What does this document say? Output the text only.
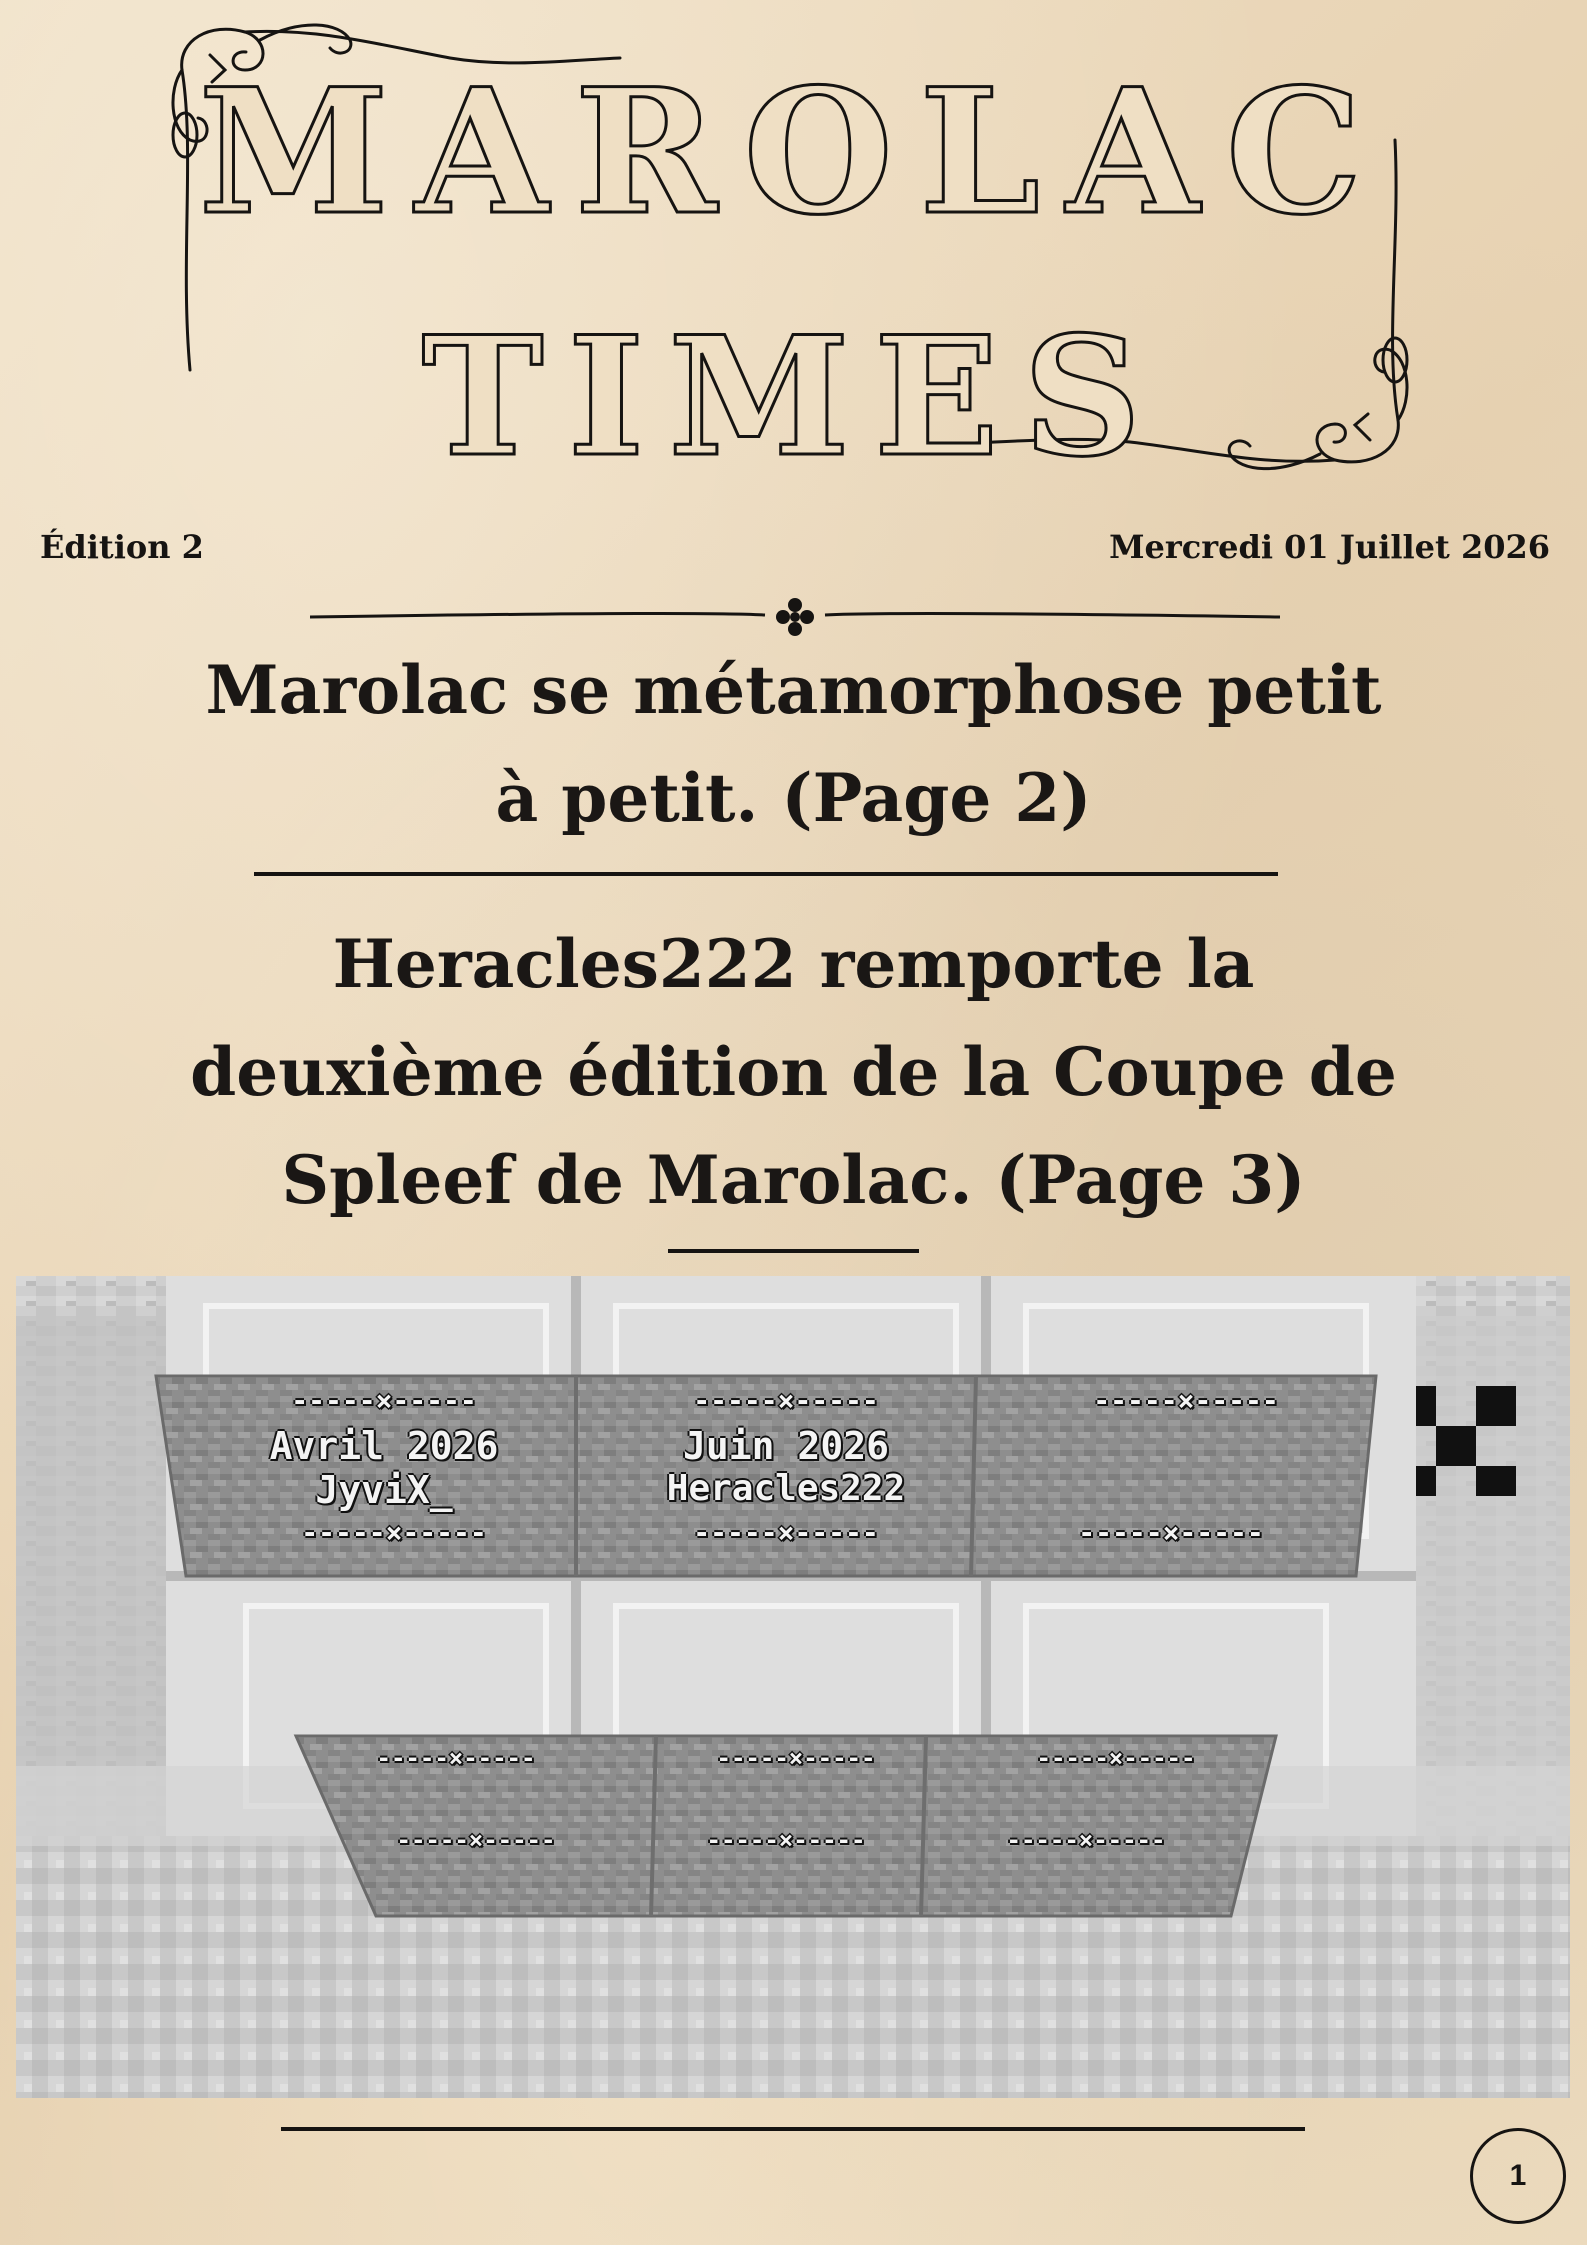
MAROLAC
TIMES
Édition 2	Mercredi 01 Juillet 2026
Marolac se métamorphose petit à petit. (Page 2)
Heracles222 remporte la deuxième édition de la Coupe de Spleef de Marolac. (Page 3)
-----×-----
Avril 2026
JyviX_
-----×-----
-----×-----
Juin 2026
Heracles222
-----×-----
-----×-----
-----×-----
-----×-----
-----×-----
-----×-----
-----×-----
-----×-----
-----×-----
1
